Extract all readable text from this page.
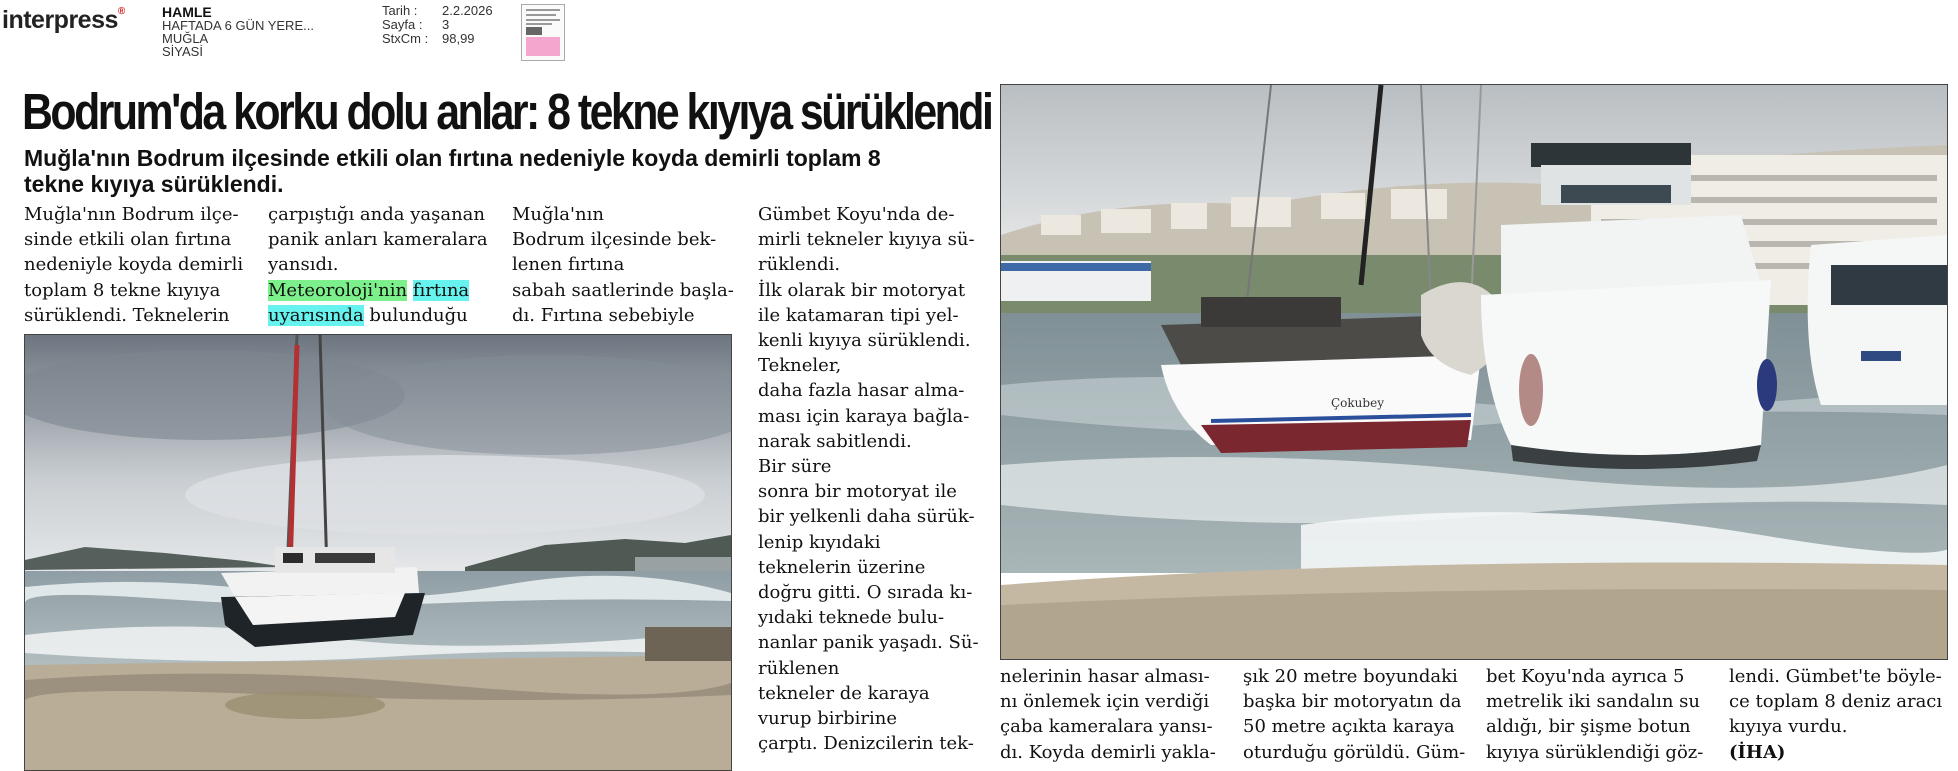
interpress®	HAMLE
HAFTADA 6 GÜN YERE...
MUĞLA
SİYASİ
Tarih : 2.2.2026
Sayfa : 3
StxCm : 98,99
Bodrum'da korku dolu anlar: 8 tekne kıyıya sürüklendi
Muğla'nın Bodrum ilçesinde etkili olan fırtına nedeniyle koyda demirli toplam 8
tekne kıyıya sürüklendi.
Muğla'nın Bodrum ilçe-
sinde etkili olan fırtına
nedeniyle koyda demirli
toplam 8 tekne kıyıya
sürüklendi. Teknelerin
çarpıştığı anda yaşanan
panik anları kameralara
yansıdı.
Meteoroloji'nin fırtına
uyarısında bulunduğu
Muğla'nın
Bodrum ilçesinde bek-
lenen fırtına
sabah saatlerinde başla-
dı. Fırtına sebebiyle
Gümbet Koyu'nda de-
mirli tekneler kıyıya sü-
rüklendi.
İlk olarak bir motoryat
ile katamaran tipi yel-
kenli kıyıya sürüklendi.
Tekneler,
daha fazla hasar alma-
ması için karaya bağla-
narak sabitlendi.
Bir süre
sonra bir motoryat ile
bir yelkenli daha sürük-
lenip kıyıdaki
teknelerin üzerine
doğru gitti. O sırada kı-
yıdaki teknede bulu-
nanlar panik yaşadı. Sü-
rüklenen
tekneler de karaya
vurup birbirine
çarptı. Denizcilerin tek-
Çokubey
nelerinin hasar alması-
nı önlemek için verdiği
çaba kameralara yansı-
dı. Koyda demirli yakla-
şık 20 metre boyundaki
başka bir motoryatın da
50 metre açıkta karaya
oturduğu görüldü. Güm-
bet Koyu'nda ayrıca 5
metrelik iki sandalın su
aldığı, bir şişme botun
kıyıya sürüklendiği göz-
lendi. Gümbet'te böyle-
ce toplam 8 deniz aracı
kıyıya vurdu.
(İHA)
